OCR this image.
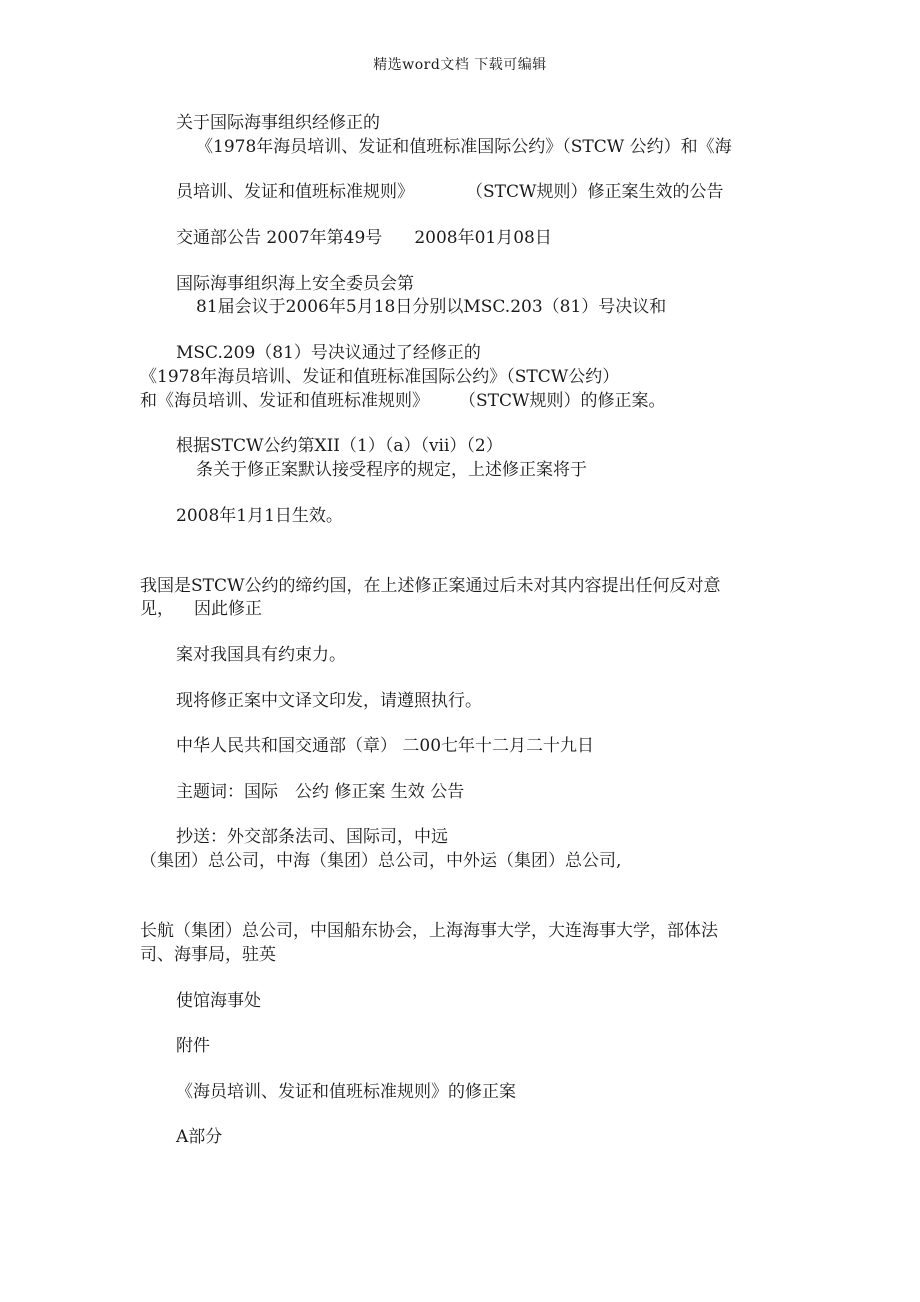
精选word文档 下载可编辑
关于国际海事组织经修正的
《1978年海员培训、发证和值班标准国际公约》（STCW 公约）和《海
员培训、发证和值班标准规则》	（STCW规则）修正案生效的公告
交通部公告 2007年第49号 2008年01月08日
国际海事组织海上安全委员会第
81届会议于2006年5月18日分别以MSC.203（81）号决议和
MSC.209（81）号决议通过了经修正的
《1978年海员培训、发证和值班标准国际公约》（STCW公约）
和《海员培训、发证和值班标准规则》 （STCW规则）的修正案。
根据STCW公约第XII（1）（a）（vii）（2）
条关于修正案默认接受程序的规定，上述修正案将于
2008年1月1日生效。
我国是STCW公约的缔约国，在上述修正案通过后未对其内容提出任何反对意
见， 因此修正
案对我国具有约束力。
现将修正案中文译文印发，请遵照执行。
中华人民共和国交通部（章） 二00七年十二月二十九日
主题词：国际　公约 修正案 生效 公告
抄送：外交部条法司、国际司，中远
（集团）总公司，中海（集团）总公司，中外运（集团）总公司,
长航（集团）总公司，中国船东协会，上海海事大学，大连海事大学，部体法
司、海事局，驻英
使馆海事处
附件
《海员培训、发证和值班标准规则》的修正案
A部分
